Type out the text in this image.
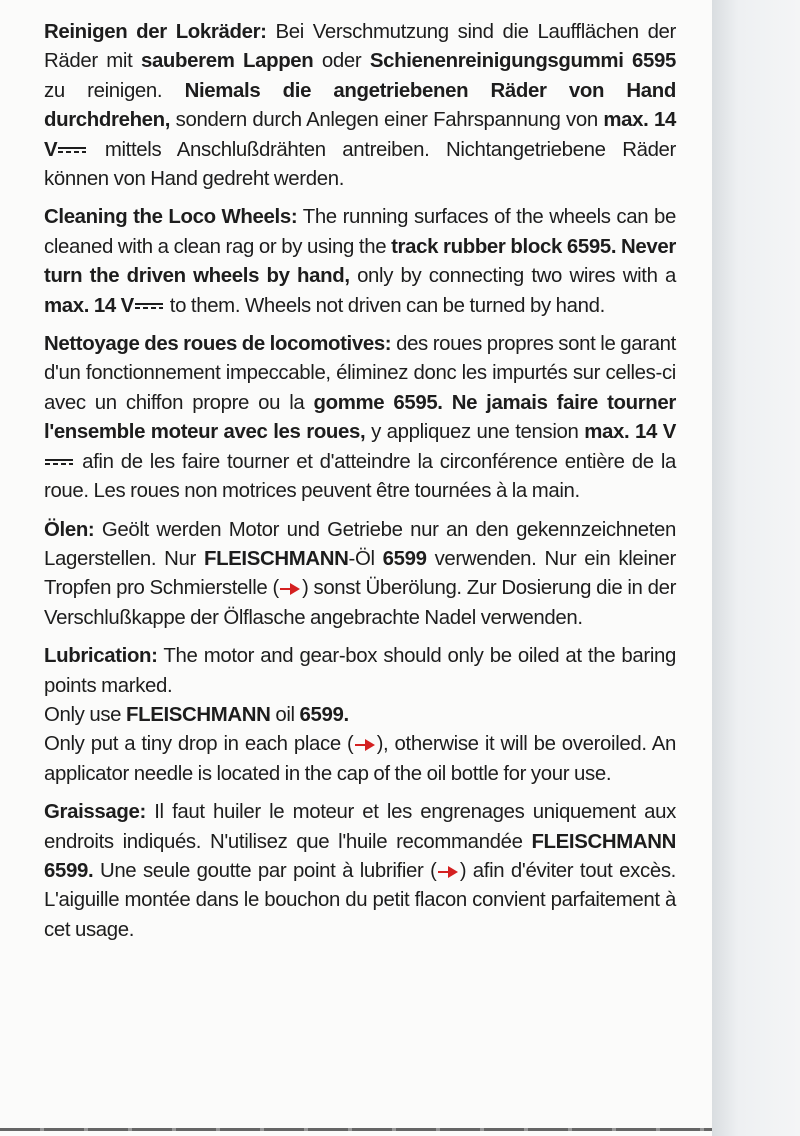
Reinigen der Lokräder: Bei Verschmutzung sind die Laufflächen der Räder mit sauberem Lappen oder Schienenreinigungsgummi 6595 zu reinigen. Niemals die angetriebenen Räder von Hand durchdrehen, sondern durch Anlegen einer Fahrspannung von max. 14 V mittels Anschlußdrähten antreiben. Nichtangetriebene Räder können von Hand gedreht werden.

Cleaning the Loco Wheels: The running surfaces of the wheels can be cleaned with a clean rag or by using the track rubber block 6595. Never turn the driven wheels by hand, only by connecting two wires with a max. 14 V to them. Wheels not driven can be turned by hand.

Nettoyage des roues de locomotives: des roues propres sont le garant d'un fonctionnement impeccable, éliminez donc les impurtés sur celles-ci avec un chiffon propre ou la gomme 6595. Ne jamais faire tourner l'ensemble moteur avec les roues, y appliquez une tension max. 14 V afin de les faire tourner et d'atteindre la circonférence entière de la roue. Les roues non motrices peuvent être tournées à la main.

Ölen: Geölt werden Motor und Getriebe nur an den gekennzeichneten Lagerstellen. Nur FLEISCHMANN-Öl 6599 verwenden. Nur ein kleiner Tropfen pro Schmierstelle ( ) sonst Überölung. Zur Dosierung die in der Verschlußkappe der Ölflasche angebrachte Nadel verwenden.

Lubrication: The motor and gear-box should only be oiled at the baring points marked.
Only use FLEISCHMANN oil 6599.
Only put a tiny drop in each place ( ) , otherwise it will be overoiled. An applicator needle is located in the cap of the oil bottle for your use.

Graissage: Il faut huiler le moteur et les engrenages uniquement aux endroits indiqués. N'utilisez que l'huile recommandée FLEISCHMANN 6599. Une seule goutte par point à lubrifier ( ) afin d'éviter tout excès. L'aiguille montée dans le bouchon du petit flacon convient parfaitement à cet usage.
